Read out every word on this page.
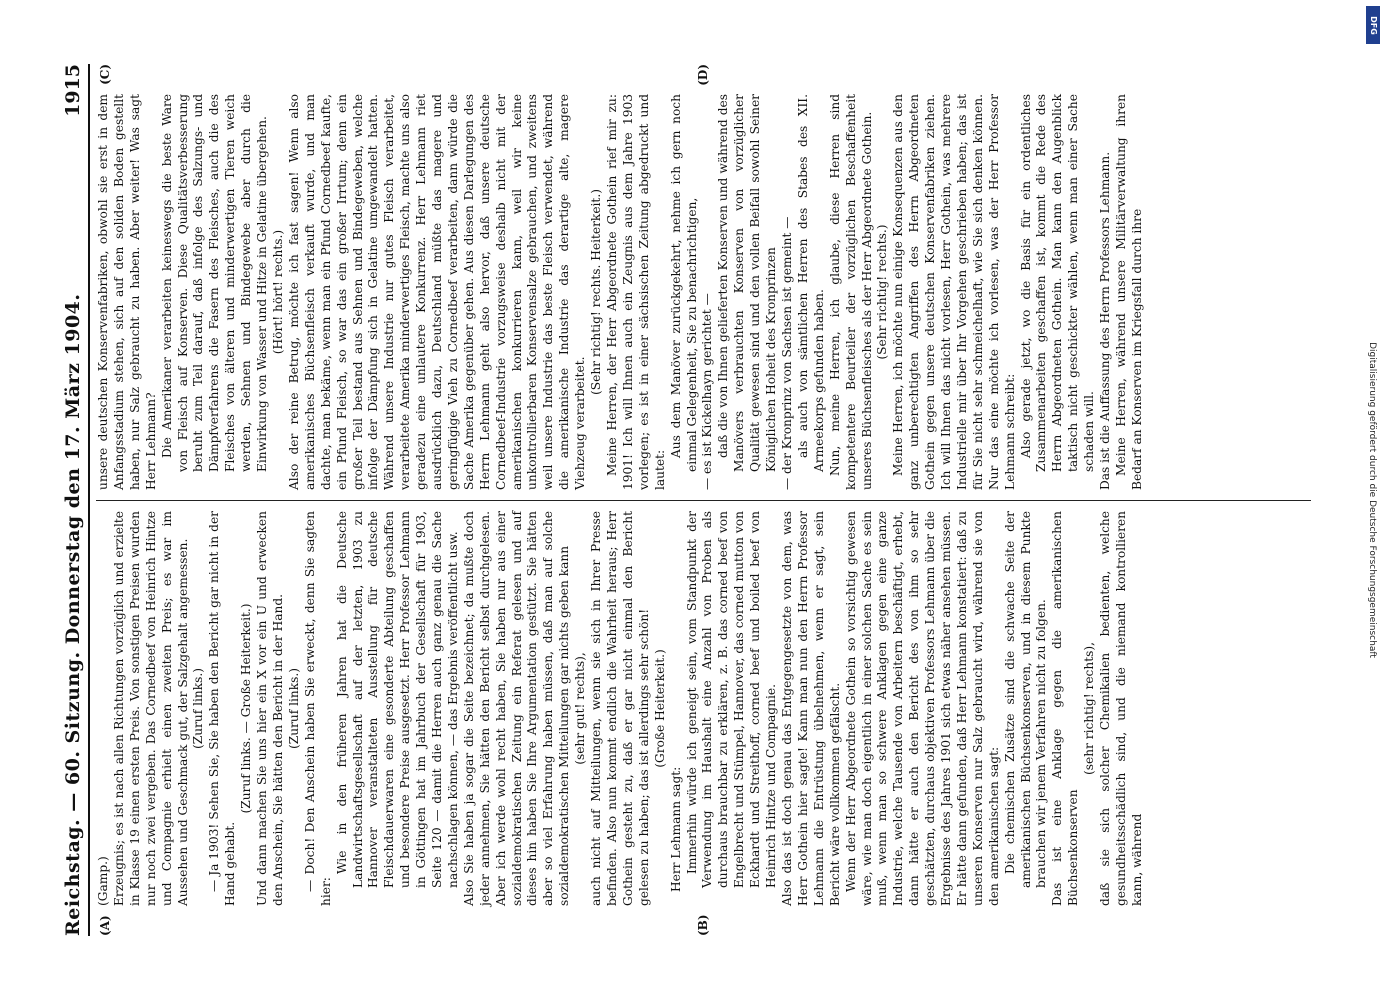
Reichstag. — 60. Sitzung. Donnerstag den 17. März 1904.
1915
(A)	(B)

(Gamp.) Erzeugnis; es ist nach allen Richtungen vorzüglich und erzielte in Klasse 19 einen ersten Preis. Von sonstigen Preisen wurden nur noch zwei vergeben. Das Cornedbeef von Heinrich Hintze und Compagnie erhielt einen zweiten Preis; es war im Aussehen und Geschmack gut, der Salzgehalt angemessen. (Zuruf links.) — Ja 1903! Sehen Sie, Sie haben den Bericht gar nicht in der Hand gehabt.

(Zuruf links. — Große Heiterkeit.) Und dann machen Sie uns hier ein X vor ein U und erwecken den Anschein, Sie hätten den Bericht in der Hand. (Zuruf links.) — Doch! Den Anschein haben Sie erweckt, denn Sie sagten hier:

Wie in den früheren Jahren hat die Deutsche Landwirtschaftsgesellschaft auf der letzten, 1903 zu Hannover veranstalteten Ausstellung für deutsche Fleischdauerwaren eine gesonderte Abteilung geschaffen und besondere Preise ausgesetzt. Herr Professor Lehmann in Göttingen hat im Jahrbuch der Gesellschaft für 1903, Seite 120 — damit die Herren auch ganz genau die Sache nachschlagen können, — das Ergebnis veröffentlicht usw. Also Sie haben ja sogar die Seite bezeichnet; da mußte doch jeder annehmen, Sie hätten den Bericht selbst durchgelesen. Aber ich werde wohl recht haben, Sie haben nur aus einer sozialdemokratischen Zeitung ein Referat gelesen und auf dieses hin haben Sie Ihre Argumentation gestützt. Sie hätten aber so viel Erfahrung haben müssen, daß man auf solche sozialdemokratischen Mitteilungen gar nichts geben kann (sehr gut! rechts), auch nicht auf Mitteilungen, wenn sie sich in Ihrer Presse befinden. Also nun kommt endlich die Wahrheit heraus; Herr Gothein gesteht zu, daß er gar nicht einmal den Bericht gelesen zu haben; das ist allerdings sehr schön! (Große Heiterkeit.)

Herr Lehmann sagt: Immerhin würde ich geneigt sein, vom Standpunkt der Verwendung im Haushalt eine Anzahl von Proben als durchaus brauchbar zu erklären, z. B. das corned beef von Engelbrecht und Stümpel, Hannover, das corned mutton von Eckhardt und Streithoff, corned beef und boiled beef von Heinrich Hintze und Compagnie. Also das ist doch genau das Entgegengesetzte von dem, was Herr Gothein hier sagte! Kann man nun den Herrn Professor Lehmann die Entrüstung übelnehmen, wenn er sagt, sein Bericht wäre vollkommen gefälscht. Wenn der Herr Abgeordnete Gothein so vorsichtig gewesen wäre, wie man doch eigentlich in einer solchen Sache es sein muß, wenn man so schwere Anklagen gegen eine ganze Industrie, welche Tausende von Arbeitern beschäftigt, erhebt, dann hätte er auch den Bericht des von ihm so sehr geschätzten, durchaus objektiven Professors Lehmann über die Ergebnisse des Jahres 1901 sich etwas näher ansehen müssen. Er hätte dann gefunden, daß Herr Lehmann konstatiert: daß zu unseren Konserven nur Salz gebraucht wird, während sie von den amerikanischen sagt: Die chemischen Zusätze sind die schwache Seite der amerikanischen Büchsenkonserven, und in diesem Punkte brauchen wir jenem Verfahren nicht zu folgen. Das ist eine Anklage gegen die amerikanischen Büchsenkonserven

(sehr richtig! rechts), daß sie sich solcher Chemikalien bedienten, welche gesundheitsschädlich sind, und die niemand kontrollieren kann, während

(C)	(D)

unsere deutschen Konservenfabriken, obwohl sie erst in dem Anfangsstadium stehen, sich auf den soliden Boden gestellt haben, nur Salz gebraucht zu haben. Aber weiter! Was sagt Herr Lehmann? Die Amerikaner verarbeiten keineswegs die beste Ware von Fleisch auf Konserven. Diese Qualitätsverbesserung beruht zum Teil darauf, daß infolge des Salzungs- und Dämpfverfahrens die Fasern des Fleisches, auch die des Fleisches von älteren und minderwertigen Tieren weich werden, Sehnen und Bindegewebe aber durch die Einwirkung von Wasser und Hitze in Gelatine übergehen. (Hört! hört! rechts.) Also der reine Betrug, möchte ich fast sagen! Wenn also amerikanisches Büchsenfleisch verkauft wurde, und man dachte, man bekäme, wenn man ein Pfund Cornedbeef kaufte, ein Pfund Fleisch, so war das ein großer Irrtum; denn ein großer Teil bestand aus Sehnen und Bindegeweben, welche infolge der Dämpfung sich in Gelatine umgewandelt hatten. Während unsere Industrie nur gutes Fleisch verarbeitet, verarbeitete Amerika minderwertiges Fleisch, machte uns also geradezu eine unlautere Konkurrenz. Herr Lehmann riet ausdrücklich dazu, Deutschland müßte das magere und geringfügige Vieh zu Cornedbeef verarbeiten, dann würde die Sache Amerika gegenüber gehen. Aus diesen Darlegungen des Herrn Lehmann geht also hervor, daß unsere deutsche Cornedbeef-Industrie vorzugsweise deshalb nicht mit der amerikanischen konkurrieren kann, weil wir keine unkontrollierbaren Konservensalze gebrauchen, und zweitens weil unsere Industrie das beste Fleisch verwendet, während die amerikanische Industrie das derartige alte, magere Viehzeug verarbeitet.

(Sehr richtig! rechts. Heiterkeit.) Meine Herren, der Herr Abgeordnete Gothein rief mir zu: 1901! Ich will Ihnen auch ein Zeugnis aus dem Jahre 1903 vorlegen; es ist in einer sächsischen Zeitung abgedruckt und lautet:

Aus dem Manöver zurückgekehrt, nehme ich gern noch einmal Gelegenheit, Sie zu benachrichtigen, — es ist Kickelhayn gerichtet — daß die von Ihnen gelieferten Konserven und während des Manövers verbrauchten Konserven von vorzüglicher Qualität gewesen sind und den vollen Beifall sowohl Seiner Königlichen Hoheit des Kronprinzen — der Kronprinz von Sachsen ist gemeint — als auch von sämtlichen Herren des Stabes des XII. Armeekorps gefunden haben. Nun, meine Herren, ich glaube, diese Herren sind kompetentere Beurteiler der vorzüglichen Beschaffenheit unseres Büchsenfleisches als der Herr Abgeordnete Gothein. (Sehr richtig! rechts.) Meine Herren, ich möchte nun einige Konsequenzen aus den ganz unberechtigten Angriffen des Herrn Abgeordneten Gothein gegen unsere deutschen Konservenfabriken ziehen. Ich will Ihnen das nicht vorlesen, Herr Gothein, was mehrere Industrielle mir über Ihr Vorgehen geschrieben haben; das ist für Sie nicht sehr schmeichelhaft, wie Sie sich denken können. Nur das eine möchte ich vorlesen, was der Herr Professor Lehmann schreibt: Also gerade jetzt, wo die Basis für ein ordentliches Zusammenarbeiten geschaffen ist, kommt die Rede des Herrn Abgeordneten Gothein. Man kann den Augenblick taktisch nicht geschickter wählen, wenn man einer Sache schaden will. Das ist die Auffassung des Herrn Professors Lehmann. Meine Herren, während unsere Militärverwaltung ihren Bedarf an Konserven im Kriegsfall durch ihre

DFG
Digitalisierung gefördert durch die Deutsche Forschungsgemeinschaft
